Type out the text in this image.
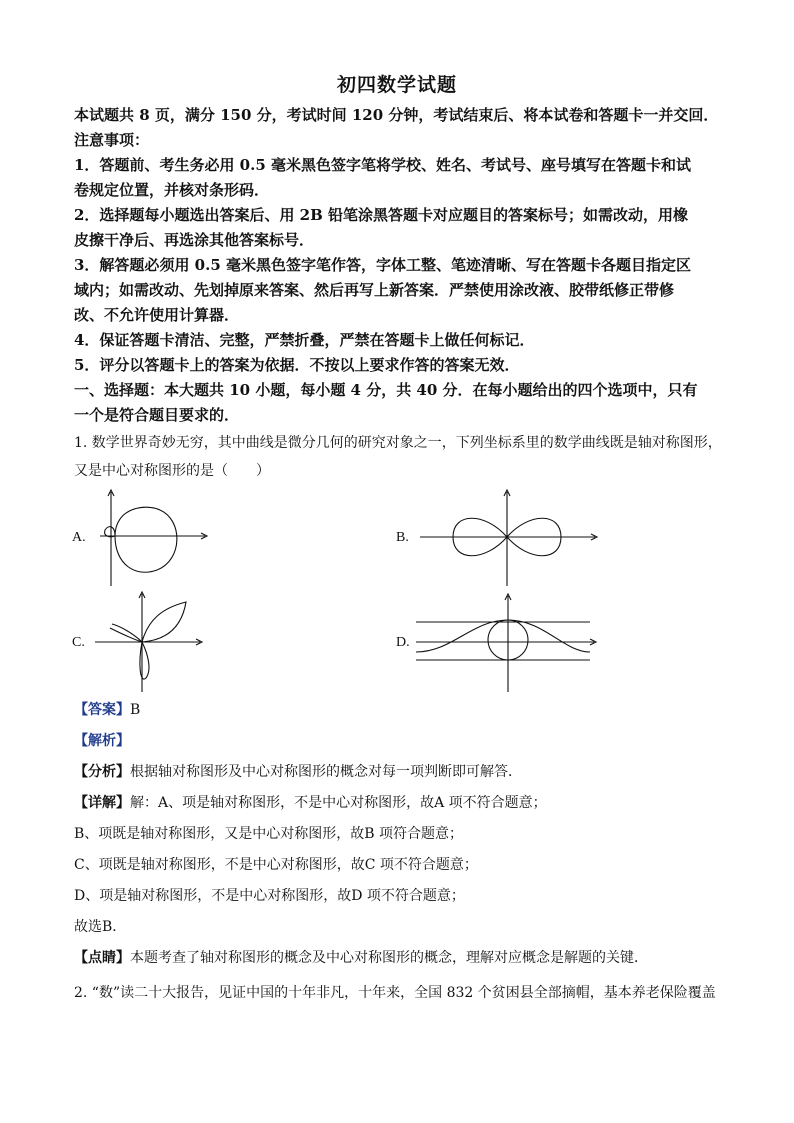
初四数学试题
本试题共 8 页，满分 150 分，考试时间 120 分钟，考试结束后、将本试卷和答题卡一并交回．
注意事项：
1．答题前、考生务必用 0.5 毫米黑色签字笔将学校、姓名、考试号、座号填写在答题卡和试
卷规定位置，并核对条形码．
2．选择题每小题选出答案后、用 2B 铅笔涂黑答题卡对应题目的答案标号；如需改动，用橡
皮擦干净后、再选涂其他答案标号．
3．解答题必须用 0.5 毫米黑色签字笔作答，字体工整、笔迹清晰、写在答题卡各题目指定区
域内；如需改动、先划掉原来答案、然后再写上新答案．严禁使用涂改液、胶带纸修正带修
改、不允许使用计算器．
4．保证答题卡清洁、完整，严禁折叠，严禁在答题卡上做任何标记．
5．评分以答题卡上的答案为依据．不按以上要求作答的答案无效．
一、选择题：本大题共 10 小题，每小题 4 分，共 40 分．在每小题给出的四个选项中，只有
一个是符合题目要求的．
1. 数学世界奇妙无穷，其中曲线是微分几何的研究对象之一，下列坐标系里的数学曲线既是轴对称图形，
又是中心对称图形的是（　　）
A.	B.
C.	D.
【答案】B
【解析】
【分析】根据轴对称图形及中心对称图形的概念对每一项判断即可解答．
【详解】解：A、项是轴对称图形，不是中心对称图形，故A 项不符合题意；
B、项既是轴对称图形，又是中心对称图形，故B 项符合题意；
C、项既是轴对称图形，不是中心对称图形，故C 项不符合题意；
D、项是轴对称图形，不是中心对称图形，故D 项不符合题意；
故选B．
【点睛】本题考查了轴对称图形的概念及中心对称图形的概念，理解对应概念是解题的关键．
2. “数”读二十大报告，见证中国的十年非凡，十年来，全国 832 个贫困县全部摘帽，基本养老保险覆盖
